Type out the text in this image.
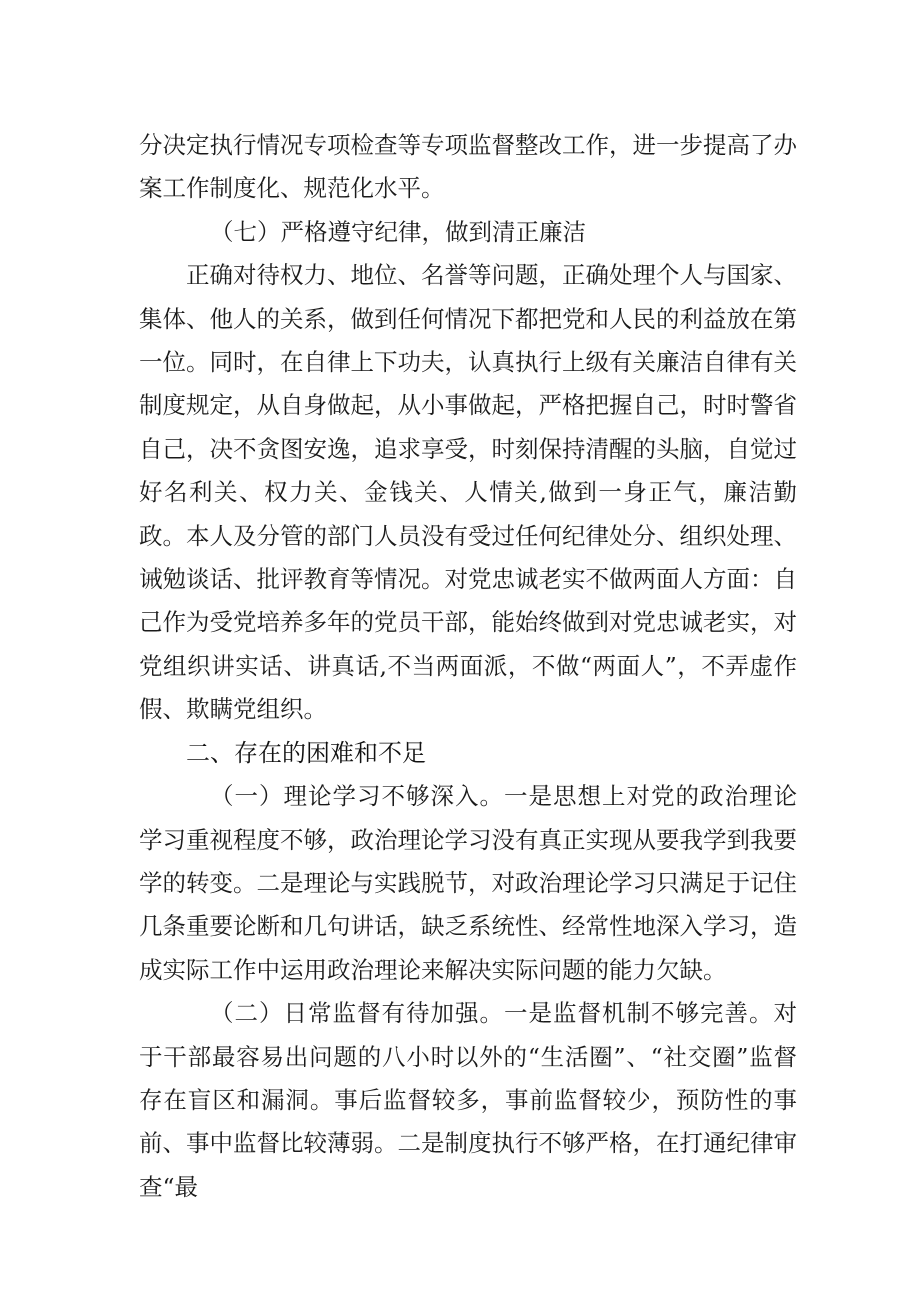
分决定执行情况专项检查等专项监督整改工作，进一步提高了办案工作制度化、规范化水平。

（七）严格遵守纪律，做到清正廉洁

正确对待权力、地位、名誉等问题，正确处理个人与国家、集体、他人的关系，做到任何情况下都把党和人民的利益放在第一位。同时，在自律上下功夫，认真执行上级有关廉洁自律有关制度规定，从自身做起，从小事做起，严格把握自己，时时警省自己，决不贪图安逸，追求享受，时刻保持清醒的头脑，自觉过好名利关、权力关、金钱关、人情关,做到一身正气，廉洁勤政。本人及分管的部门人员没有受过任何纪律处分、组织处理、诫勉谈话、批评教育等情况。对党忠诚老实不做两面人方面：自己作为受党培养多年的党员干部，能始终做到对党忠诚老实，对党组织讲实话、讲真话,不当两面派，不做“两面人”，不弄虚作假、欺瞒党组织。

二、存在的困难和不足

（一）理论学习不够深入。一是思想上对党的政治理论学习重视程度不够，政治理论学习没有真正实现从要我学到我要学的转变。二是理论与实践脱节，对政治理论学习只满足于记住几条重要论断和几句讲话，缺乏系统性、经常性地深入学习，造成实际工作中运用政治理论来解决实际问题的能力欠缺。

（二）日常监督有待加强。一是监督机制不够完善。对于干部最容易出问题的八小时以外的“生活圈”、“社交圈”监督存在盲区和漏洞。事后监督较多，事前监督较少，预防性的事前、事中监督比较薄弱。二是制度执行不够严格，在打通纪律审查“最
